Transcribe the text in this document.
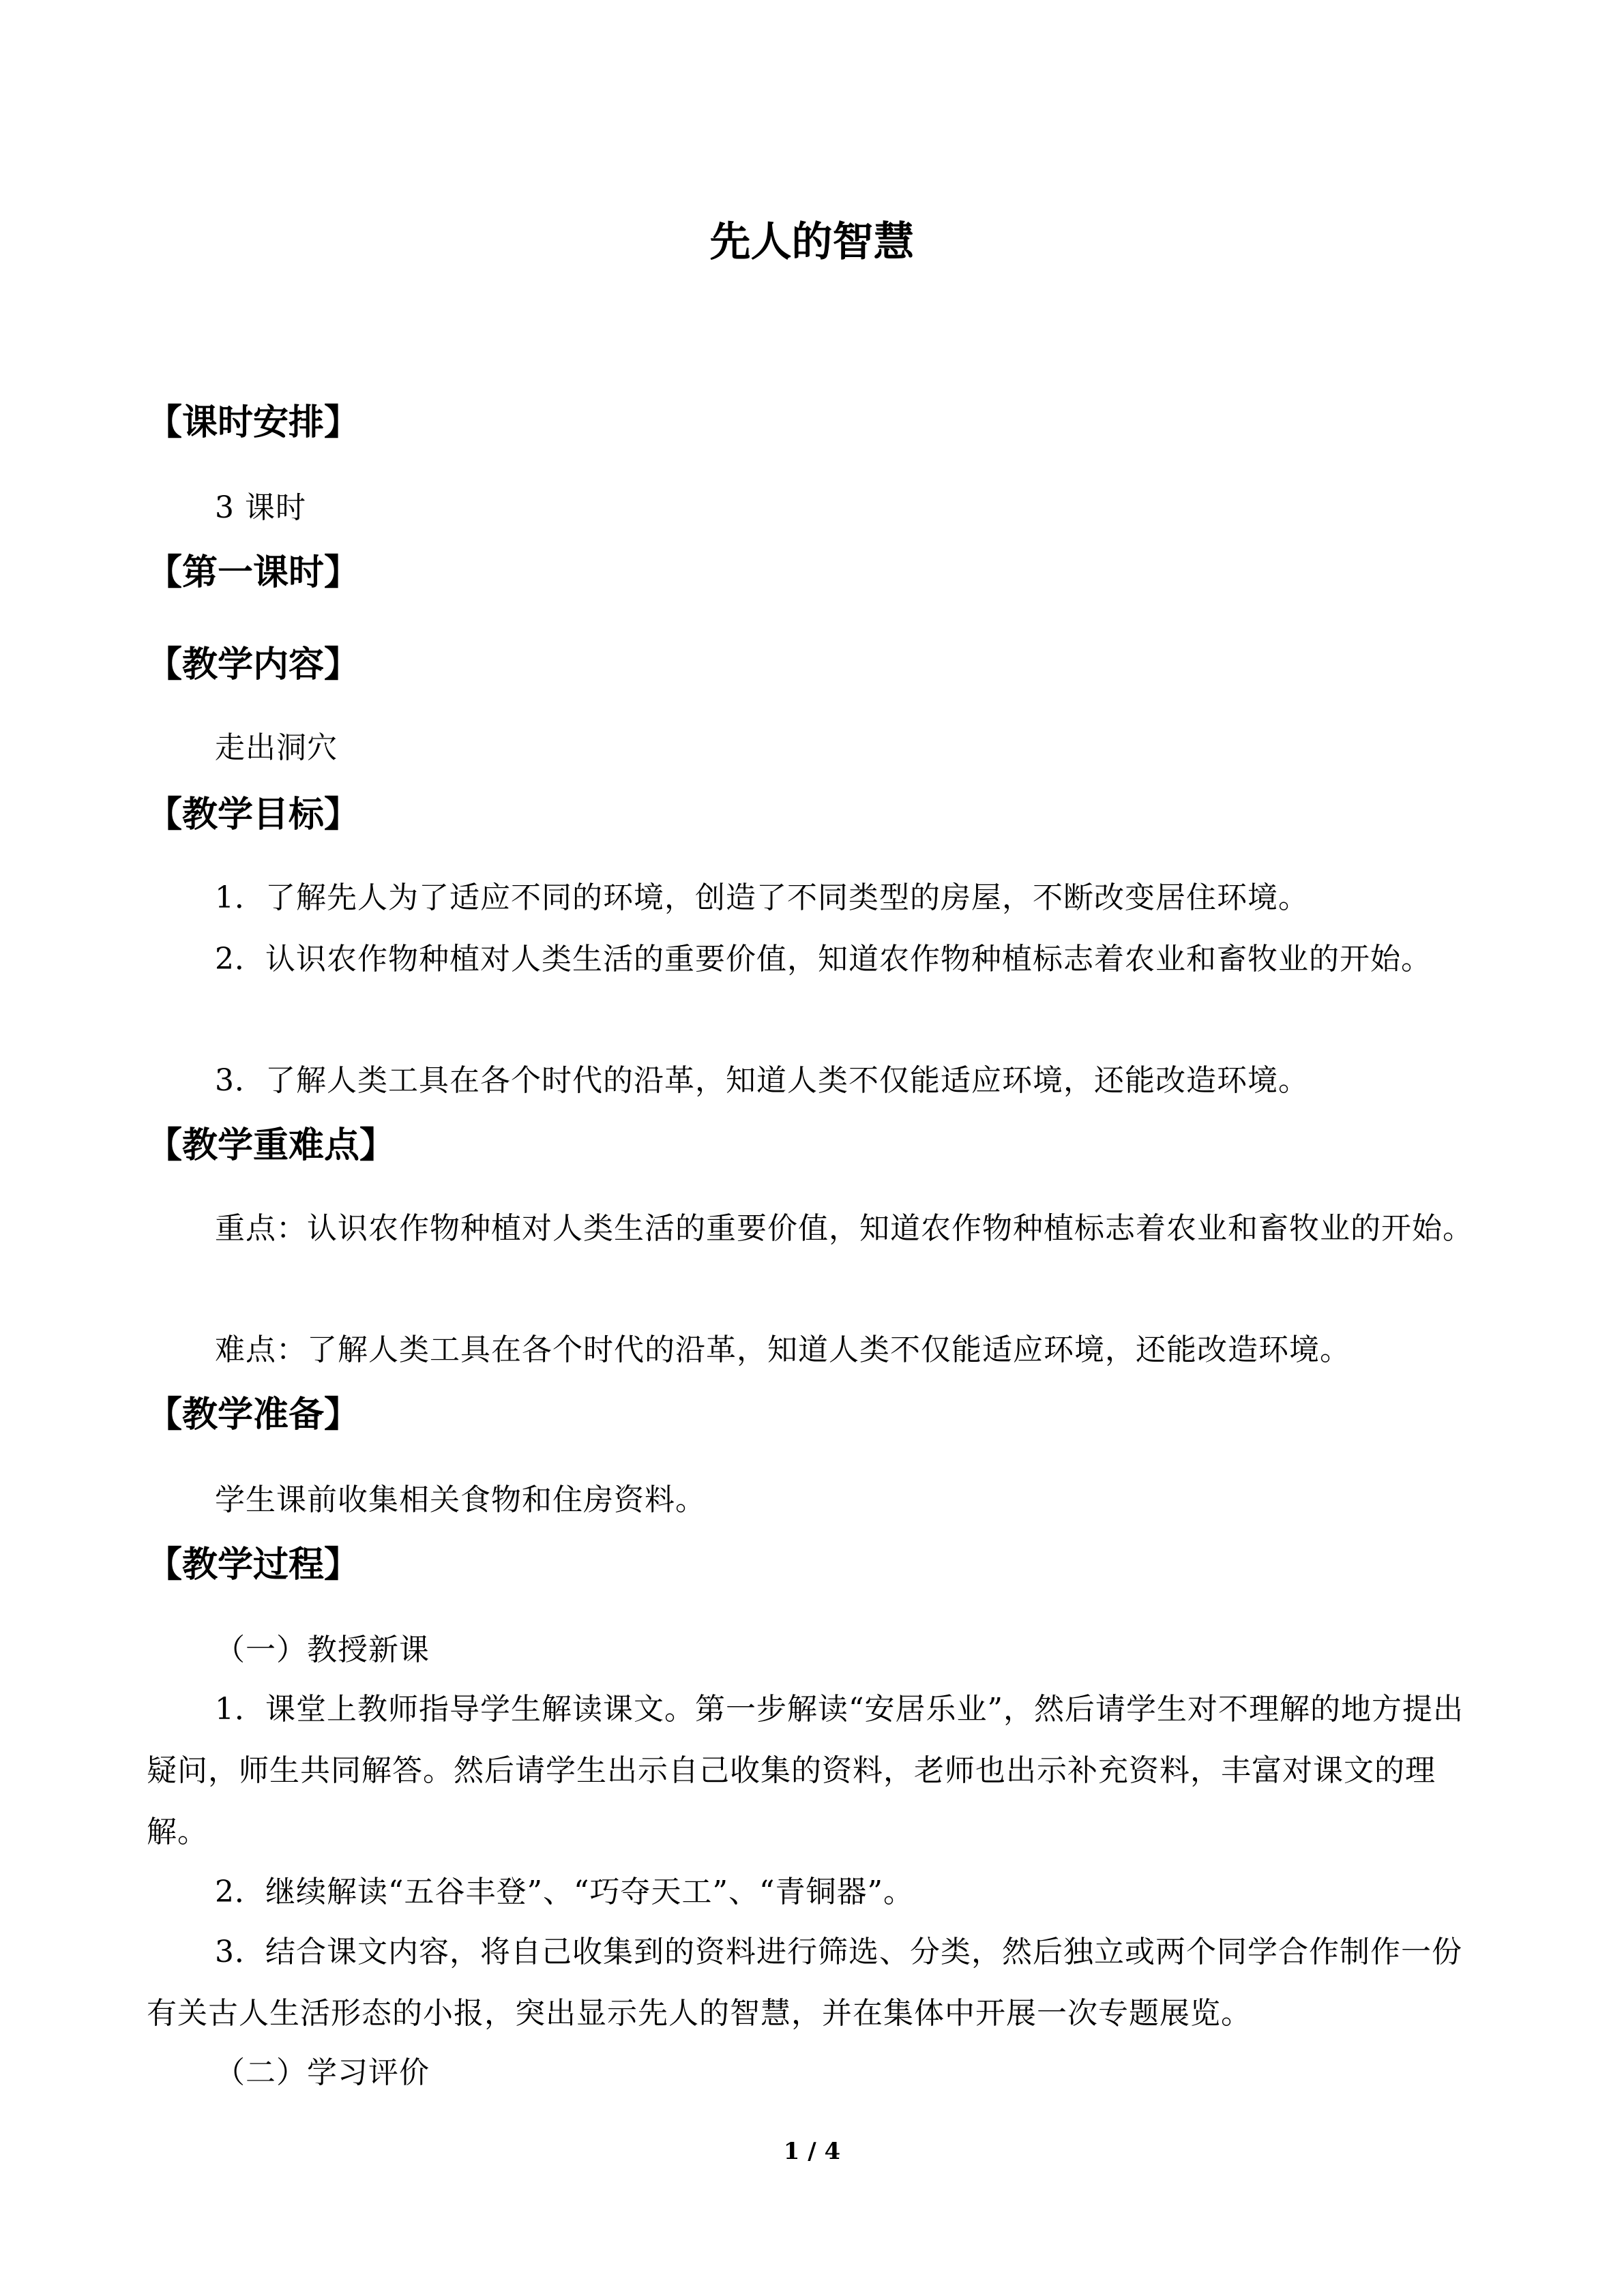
先人的智慧
【课时安排】
3 课时
【第一课时】
【教学内容】
走出洞穴
【教学目标】
1．了解先人为了适应不同的环境，创造了不同类型的房屋，不断改变居住环境。
2．认识农作物种植对人类生活的重要价值，知道农作物种植标志着农业和畜牧业的开始。
3．了解人类工具在各个时代的沿革，知道人类不仅能适应环境，还能改造环境。
【教学重难点】
重点：认识农作物种植对人类生活的重要价值，知道农作物种植标志着农业和畜牧业的开始。
难点：了解人类工具在各个时代的沿革，知道人类不仅能适应环境，还能改造环境。
【教学准备】
学生课前收集相关食物和住房资料。
【教学过程】
（一）教授新课
1．课堂上教师指导学生解读课文。第一步解读“安居乐业”，然后请学生对不理解的地方提出疑问，师生共同解答。然后请学生出示自己收集的资料，老师也出示补充资料，丰富对课文的理解。
2．继续解读“五谷丰登”、“巧夺天工”、“青铜器”。
3．结合课文内容，将自己收集到的资料进行筛选、分类，然后独立或两个同学合作制作一份有关古人生活形态的小报，突出显示先人的智慧，并在集体中开展一次专题展览。
（二）学习评价
1 / 4
